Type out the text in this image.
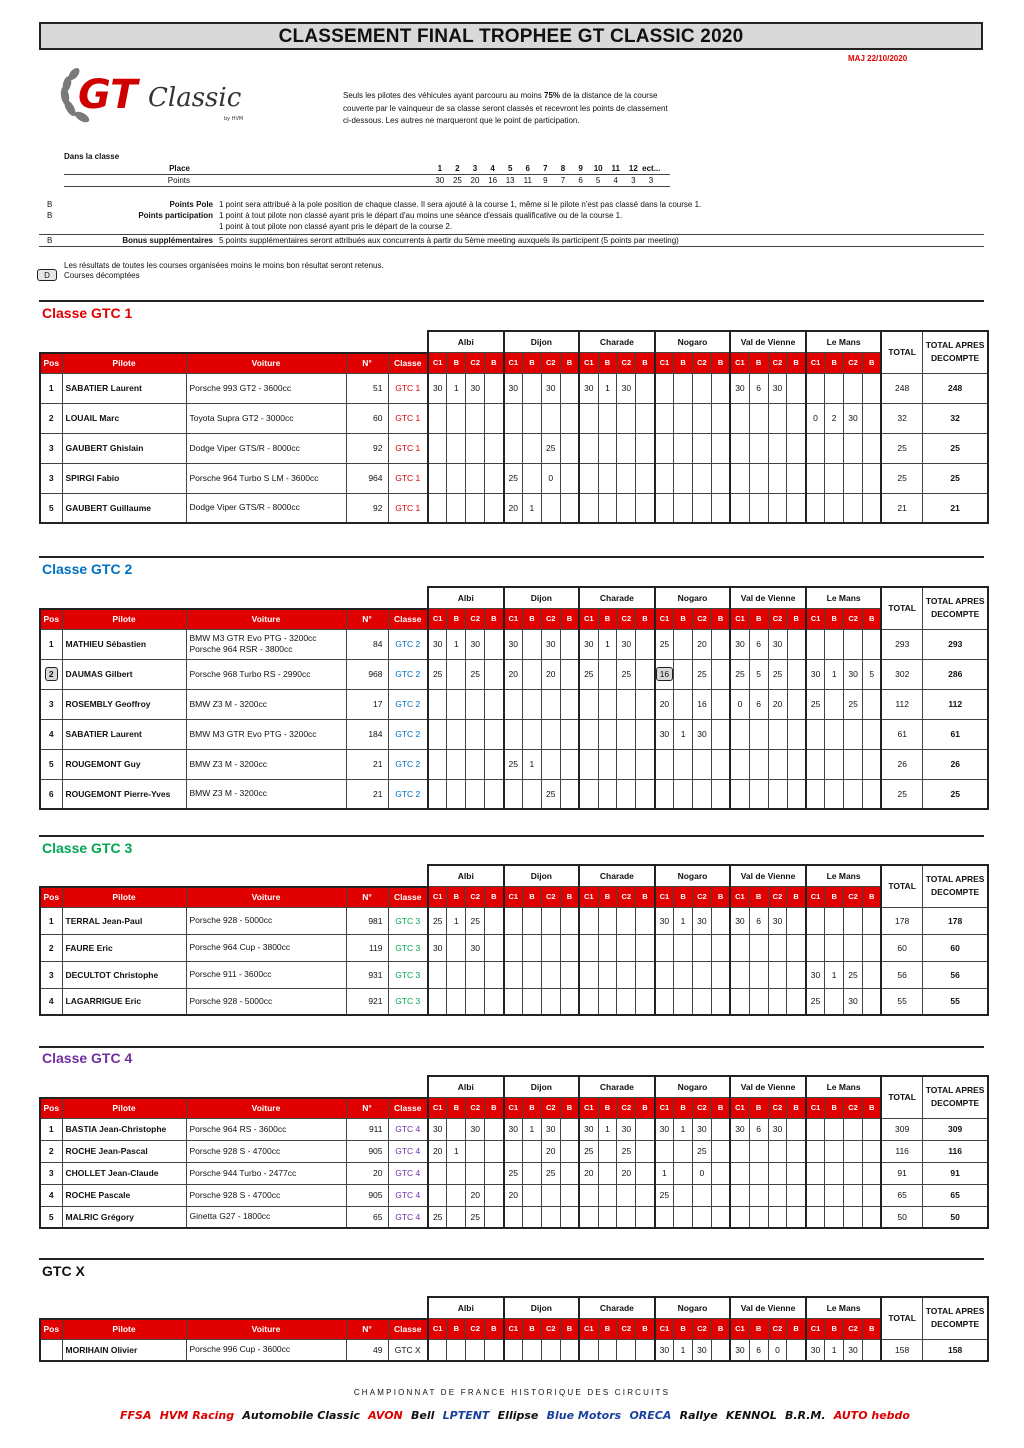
CLASSEMENT FINAL TROPHEE GT CLASSIC 2020
MAJ 22/10/2020
GT Classic
by HVM
Seuls les pilotes des véhicules ayant parcouru au moins 75% de la distance de la course couverte par le vainqueur de sa classe seront classés et recevront les points de classement ci-dessous. Les autres ne marqueront que le point de participation.
Dans la classe
Place	1	2	3	4	5	6	7	8	9	10	11	12 ect...
Points	30	25	20	16	13	11	9	7	6	5	4	3	3
B	Points Pole 1 point sera attribué à la pole position de chaque classe. Il sera ajouté à la course 1, même si le pilote n'est pas classé dans la course 1.
B	Points participation 1 point à tout pilote non classé ayant pris le départ d'au moins une séance d'essais qualificative ou de la course 1.
1 point à tout pilote non classé ayant pris le départ de la course 2.
B	Bonus supplémentaires 5 points supplémentaires seront attribués aux concurrents à partir du 5ème meeting auxquels ils participent (5 points par meeting)
Les résultats de toutes les courses organisées moins le moins bon résultat seront retenus.
Courses décomptées
D
Classe GTC 1
					Albi				Dijon				Charade				Nogaro				Val de Vienne				Le Mans				TOTAL	TOTAL APRES DECOMPTE
Pos	Pilote	Voiture	N°	Classe	C1	B	C2	B	C1	B	C2	B	C1	B	C2	B	C1	B	C2	B	C1	B	C2	B	C1	B	C2	B		
1	SABATIER Laurent	Porsche 993 GT2 - 3600cc	51	GTC 1	30	1	30		30		30		30	1	30						30	6	30						248	248
2	LOUAIL Marc	Toyota Supra GT2 - 3000cc	60	GTC 1																					0	2	30		32	32
3	GAUBERT Ghislain	Dodge Viper GTS/R - 8000cc	92	GTC 1							25																		25	25
3	SPIRGI Fabio	Porsche 964 Turbo S LM - 3600cc	964	GTC 1					25		0																		25	25
5	GAUBERT Guillaume	Dodge Viper GTS/R - 8000cc	92	GTC 1					20	1																			21	21
Classe GTC 2
					Albi				Dijon				Charade				Nogaro				Val de Vienne				Le Mans				TOTAL	TOTAL APRES DECOMPTE
Pos	Pilote	Voiture	N°	Classe	C1	B	C2	B	C1	B	C2	B	C1	B	C2	B	C1	B	C2	B	C1	B	C2	B	C1	B	C2	B		
1	MATHIEU Sébastien	BMW M3 GTR Evo PTG - 3200cc
Porsche 964 RSR - 3800cc	84	GTC 2	30	1	30		30		30		30	1	30		25		20		30	6	30						293	293
2	DAUMAS Gilbert	Porsche 968 Turbo RS - 2990cc	968	GTC 2	25		25		20		20		25		25		16		25		25	5	25		30	1	30	5	302	286
3	ROSEMBLY Geoffroy	BMW Z3 M - 3200cc	17	GTC 2													20		16		0	6	20		25		25		112	112
4	SABATIER Laurent	BMW M3 GTR Evo PTG - 3200cc	184	GTC 2													30	1	30										61	61
5	ROUGEMONT Guy	BMW Z3 M - 3200cc	21	GTC 2					25	1																			26	26
6	ROUGEMONT Pierre-Yves	BMW Z3 M - 3200cc	21	GTC 2							25																		25	25
Classe GTC 3
					Albi				Dijon				Charade				Nogaro				Val de Vienne				Le Mans				TOTAL	TOTAL APRES DECOMPTE
Pos	Pilote	Voiture	N°	Classe	C1	B	C2	B	C1	B	C2	B	C1	B	C2	B	C1	B	C2	B	C1	B	C2	B	C1	B	C2	B		
1	TERRAL Jean-Paul	Porsche 928 - 5000cc	981	GTC 3	25	1	25										30	1	30		30	6	30						178	178
2	FAURE Eric	Porsche 964 Cup - 3800cc	119	GTC 3	30		30																						60	60
3	DECULTOT Christophe	Porsche 911 - 3600cc	931	GTC 3																					30	1	25		56	56
4	LAGARRIGUE Eric	Porsche 928 - 5000cc	921	GTC 3																					25		30		55	55
Classe GTC 4
					Albi				Dijon				Charade				Nogaro				Val de Vienne				Le Mans				TOTAL	TOTAL APRES DECOMPTE
Pos	Pilote	Voiture	N°	Classe	C1	B	C2	B	C1	B	C2	B	C1	B	C2	B	C1	B	C2	B	C1	B	C2	B	C1	B	C2	B		
1	BASTIA Jean-Christophe	Porsche 964 RS - 3600cc	911	GTC 4	30		30		30	1	30		30	1	30		30	1	30		30	6	30						309	309
2	ROCHE Jean-Pascal	Porsche 928 S - 4700cc	905	GTC 4	20	1					20		25		25				25										116	116
3	CHOLLET Jean-Claude	Porsche 944 Turbo - 2477cc	20	GTC 4					25		25		20		20		1		0										91	91
4	ROCHE Pascale	Porsche 928 S - 4700cc	905	GTC 4			20		20								25												65	65
5	MALRIC Grégory	Ginetta G27 - 1800cc	65	GTC 4	25		25																						50	50
GTC X
					Albi				Dijon				Charade				Nogaro				Val de Vienne				Le Mans				TOTAL	TOTAL APRES DECOMPTE
Pos	Pilote	Voiture	N°	Classe	C1	B	C2	B	C1	B	C2	B	C1	B	C2	B	C1	B	C2	B	C1	B	C2	B	C1	B	C2	B		
	MORIHAIN Olivier	Porsche 996 Cup - 3600cc	49	GTC X													30	1	30		30	6	0		30	1	30		158	158
CHAMPIONNAT DE FRANCE HISTORIQUE DES CIRCUITS
FFSA HVM Racing Automobile Classic AVON Bell LPTENT Ellipse Blue Motors ORECA Rallye KENNOL B.R.M. AUTO hebdo
